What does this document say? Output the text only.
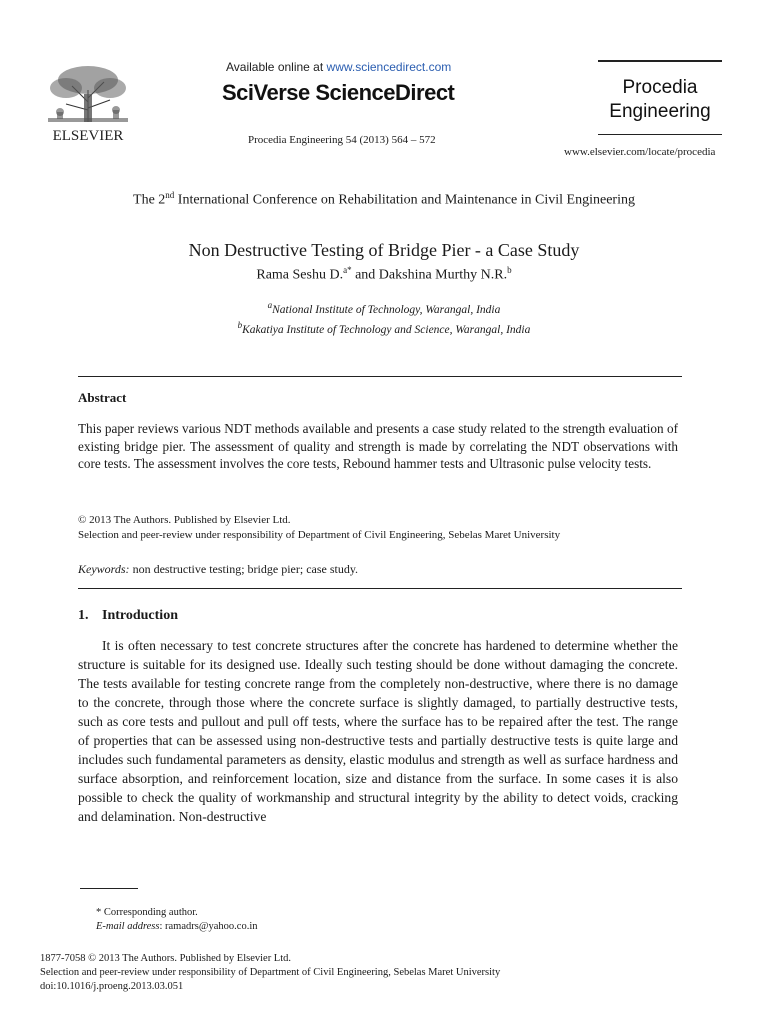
ELSEVIER
Available online at www.sciencedirect.com
SciVerse ScienceDirect
Procedia Engineering 54 (2013) 564 – 572
Procedia
Engineering
www.elsevier.com/locate/procedia
The 2nd International Conference on Rehabilitation and Maintenance in Civil Engineering
Non Destructive Testing of Bridge Pier - a Case Study
Rama Seshu D.$^{a*}$ and Dakshina Murthy N.R.$^b$
$^a$National Institute of Technology, Warangal, India
$^b$Kakatiya Institute of Technology and Science, Warangal, India
Abstract
This paper reviews various NDT methods available and presents a case study related to the strength evaluation of existing bridge pier. The assessment of quality and strength is made by correlating the NDT observations with core tests. The assessment involves the core tests, Rebound hammer tests and Ultrasonic pulse velocity tests.
© 2013 The Authors. Published by Elsevier Ltd.
Selection and peer-review under responsibility of Department of Civil Engineering, Sebelas Maret University
Keywords: non destructive testing; bridge pier; case study.
1. Introduction
It is often necessary to test concrete structures after the concrete has hardened to determine whether the structure is suitable for its designed use. Ideally such testing should be done without damaging the concrete. The tests available for testing concrete range from the completely non-destructive, where there is no damage to the concrete, through those where the concrete surface is slightly damaged, to partially destructive tests, such as core tests and pullout and pull off tests, where the surface has to be repaired after the test. The range of properties that can be assessed using non-destructive tests and partially destructive tests is quite large and includes such fundamental parameters as density, elastic modulus and strength as well as surface hardness and surface absorption, and reinforcement location, size and distance from the surface. In some cases it is also possible to check the quality of workmanship and structural integrity by the ability to detect voids, cracking and delamination. Non-destructive
* Corresponding author.
E-mail address: ramadrs@yahoo.co.in
1877-7058 © 2013 The Authors. Published by Elsevier Ltd.
Selection and peer-review under responsibility of Department of Civil Engineering, Sebelas Maret University
doi:10.1016/j.proeng.2013.03.051
